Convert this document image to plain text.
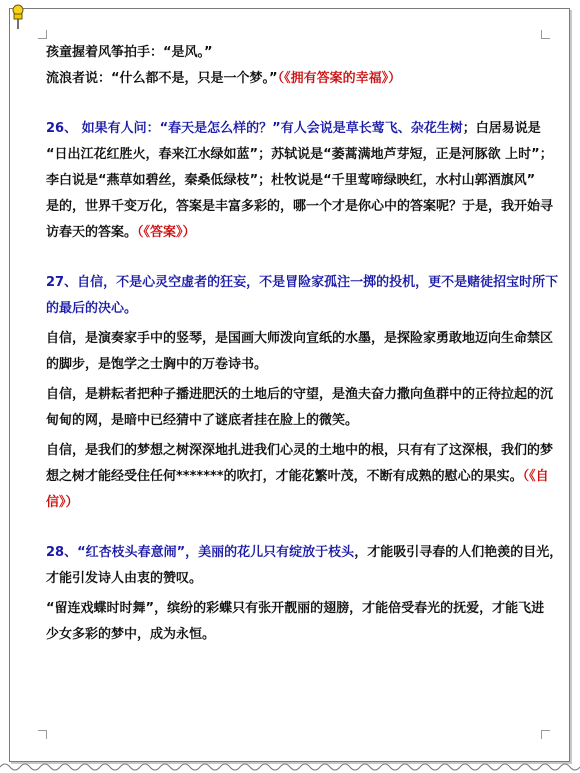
孩童握着风筝拍手：“是风。”
流浪者说：“什么都不是，只是一个梦。”（《拥有答案的幸福》）
26、 如果有人问：“春天是怎么样的？”有人会说是草长莺飞、杂花生树；白居易说是
“日出江花红胜火，春来江水绿如蓝”；苏轼说是“萎蒿满地芦芽短，正是河豚欲 上时”；
李白说是“燕草如碧丝，秦桑低绿枝”；杜牧说是“千里莺啼绿映红，水村山郭酒旗风”
是的，世界千变万化，答案是丰富多彩的，哪一个才是你心中的答案呢？于是，我开始寻
访春天的答案。（《答案》）
27、自信，不是心灵空虚者的狂妄，不是冒险家孤注一掷的投机，更不是赌徒招宝时所下
的最后的决心。
自信，是演奏家手中的竖琴，是国画大师泼向宣纸的水墨，是探险家勇敢地迈向生命禁区
的脚步，是饱学之士胸中的万卷诗书。
自信，是耕耘者把种子播进肥沃的土地后的守望，是渔夫奋力撒向鱼群中的正待拉起的沉
甸甸的网，是暗中已经猜中了谜底者挂在脸上的微笑。
自信，是我们的梦想之树深深地扎进我们心灵的土地中的根，只有有了这深根，我们的梦
想之树才能经受住任何*******的吹打，才能花繁叶茂，不断有成熟的慰心的果实。（《自
信》）
28、“红杏枝头春意闹”，美丽的花儿只有绽放于枝头，才能吸引寻春的人们艳羡的目光，
才能引发诗人由衷的赞叹。
“留连戏蝶时时舞”，缤纷的彩蝶只有张开靓丽的翅膀，才能倍受春光的抚爱，才能飞进
少女多彩的梦中，成为永恒。
